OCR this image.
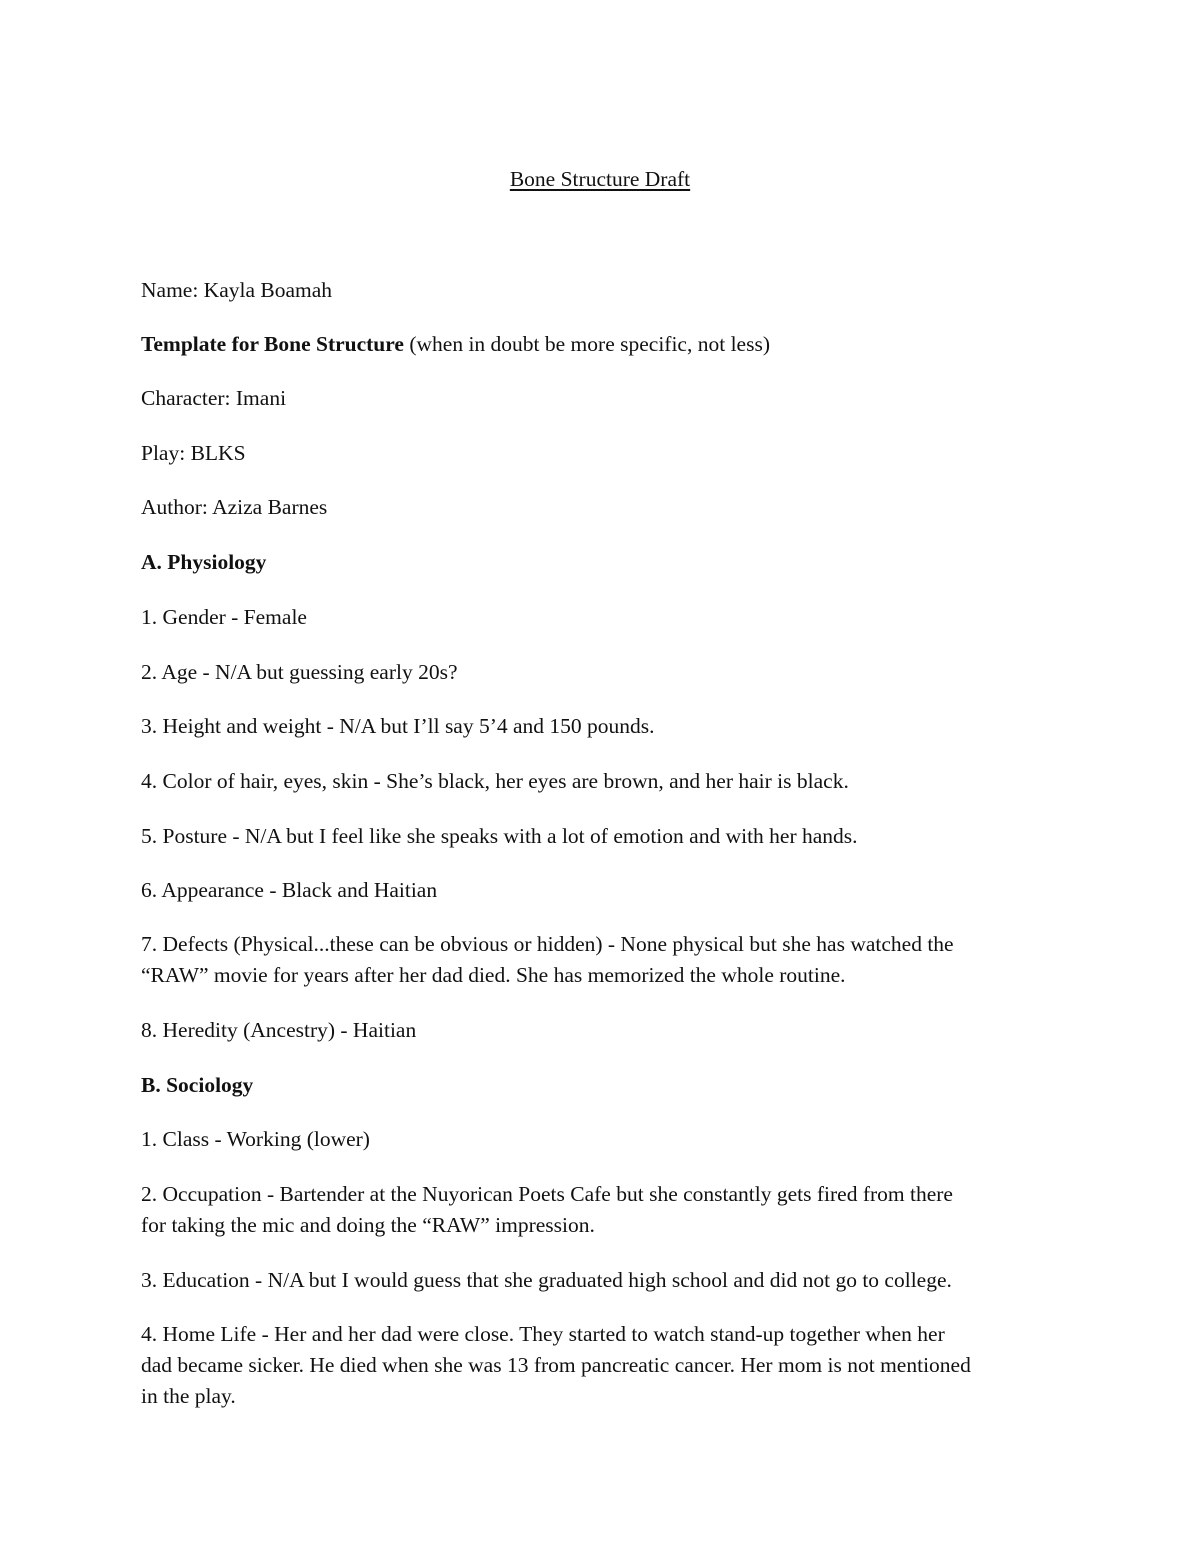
Bone Structure Draft
Name: Kayla Boamah
Template for Bone Structure (when in doubt be more specific, not less)
Character: Imani
Play: BLKS
Author: Aziza Barnes
A. Physiology
1. Gender - Female
2. Age - N/A but guessing early 20s?
3. Height and weight - N/A but I’ll say 5’4 and 150 pounds.
4. Color of hair, eyes, skin - She’s black, her eyes are brown, and her hair is black.
5. Posture - N/A but I feel like she speaks with a lot of emotion and with her hands.
6. Appearance - Black and Haitian
7. Defects (Physical...these can be obvious or hidden) - None physical but she has watched the
“RAW” movie for years after her dad died. She has memorized the whole routine.
8. Heredity (Ancestry) - Haitian
B. Sociology
1. Class - Working (lower)
2. Occupation - Bartender at the Nuyorican Poets Cafe but she constantly gets fired from there
for taking the mic and doing the “RAW” impression.
3. Education - N/A but I would guess that she graduated high school and did not go to college.
4. Home Life - Her and her dad were close. They started to watch stand-up together when her
dad became sicker. He died when she was 13 from pancreatic cancer. Her mom is not mentioned
in the play.
